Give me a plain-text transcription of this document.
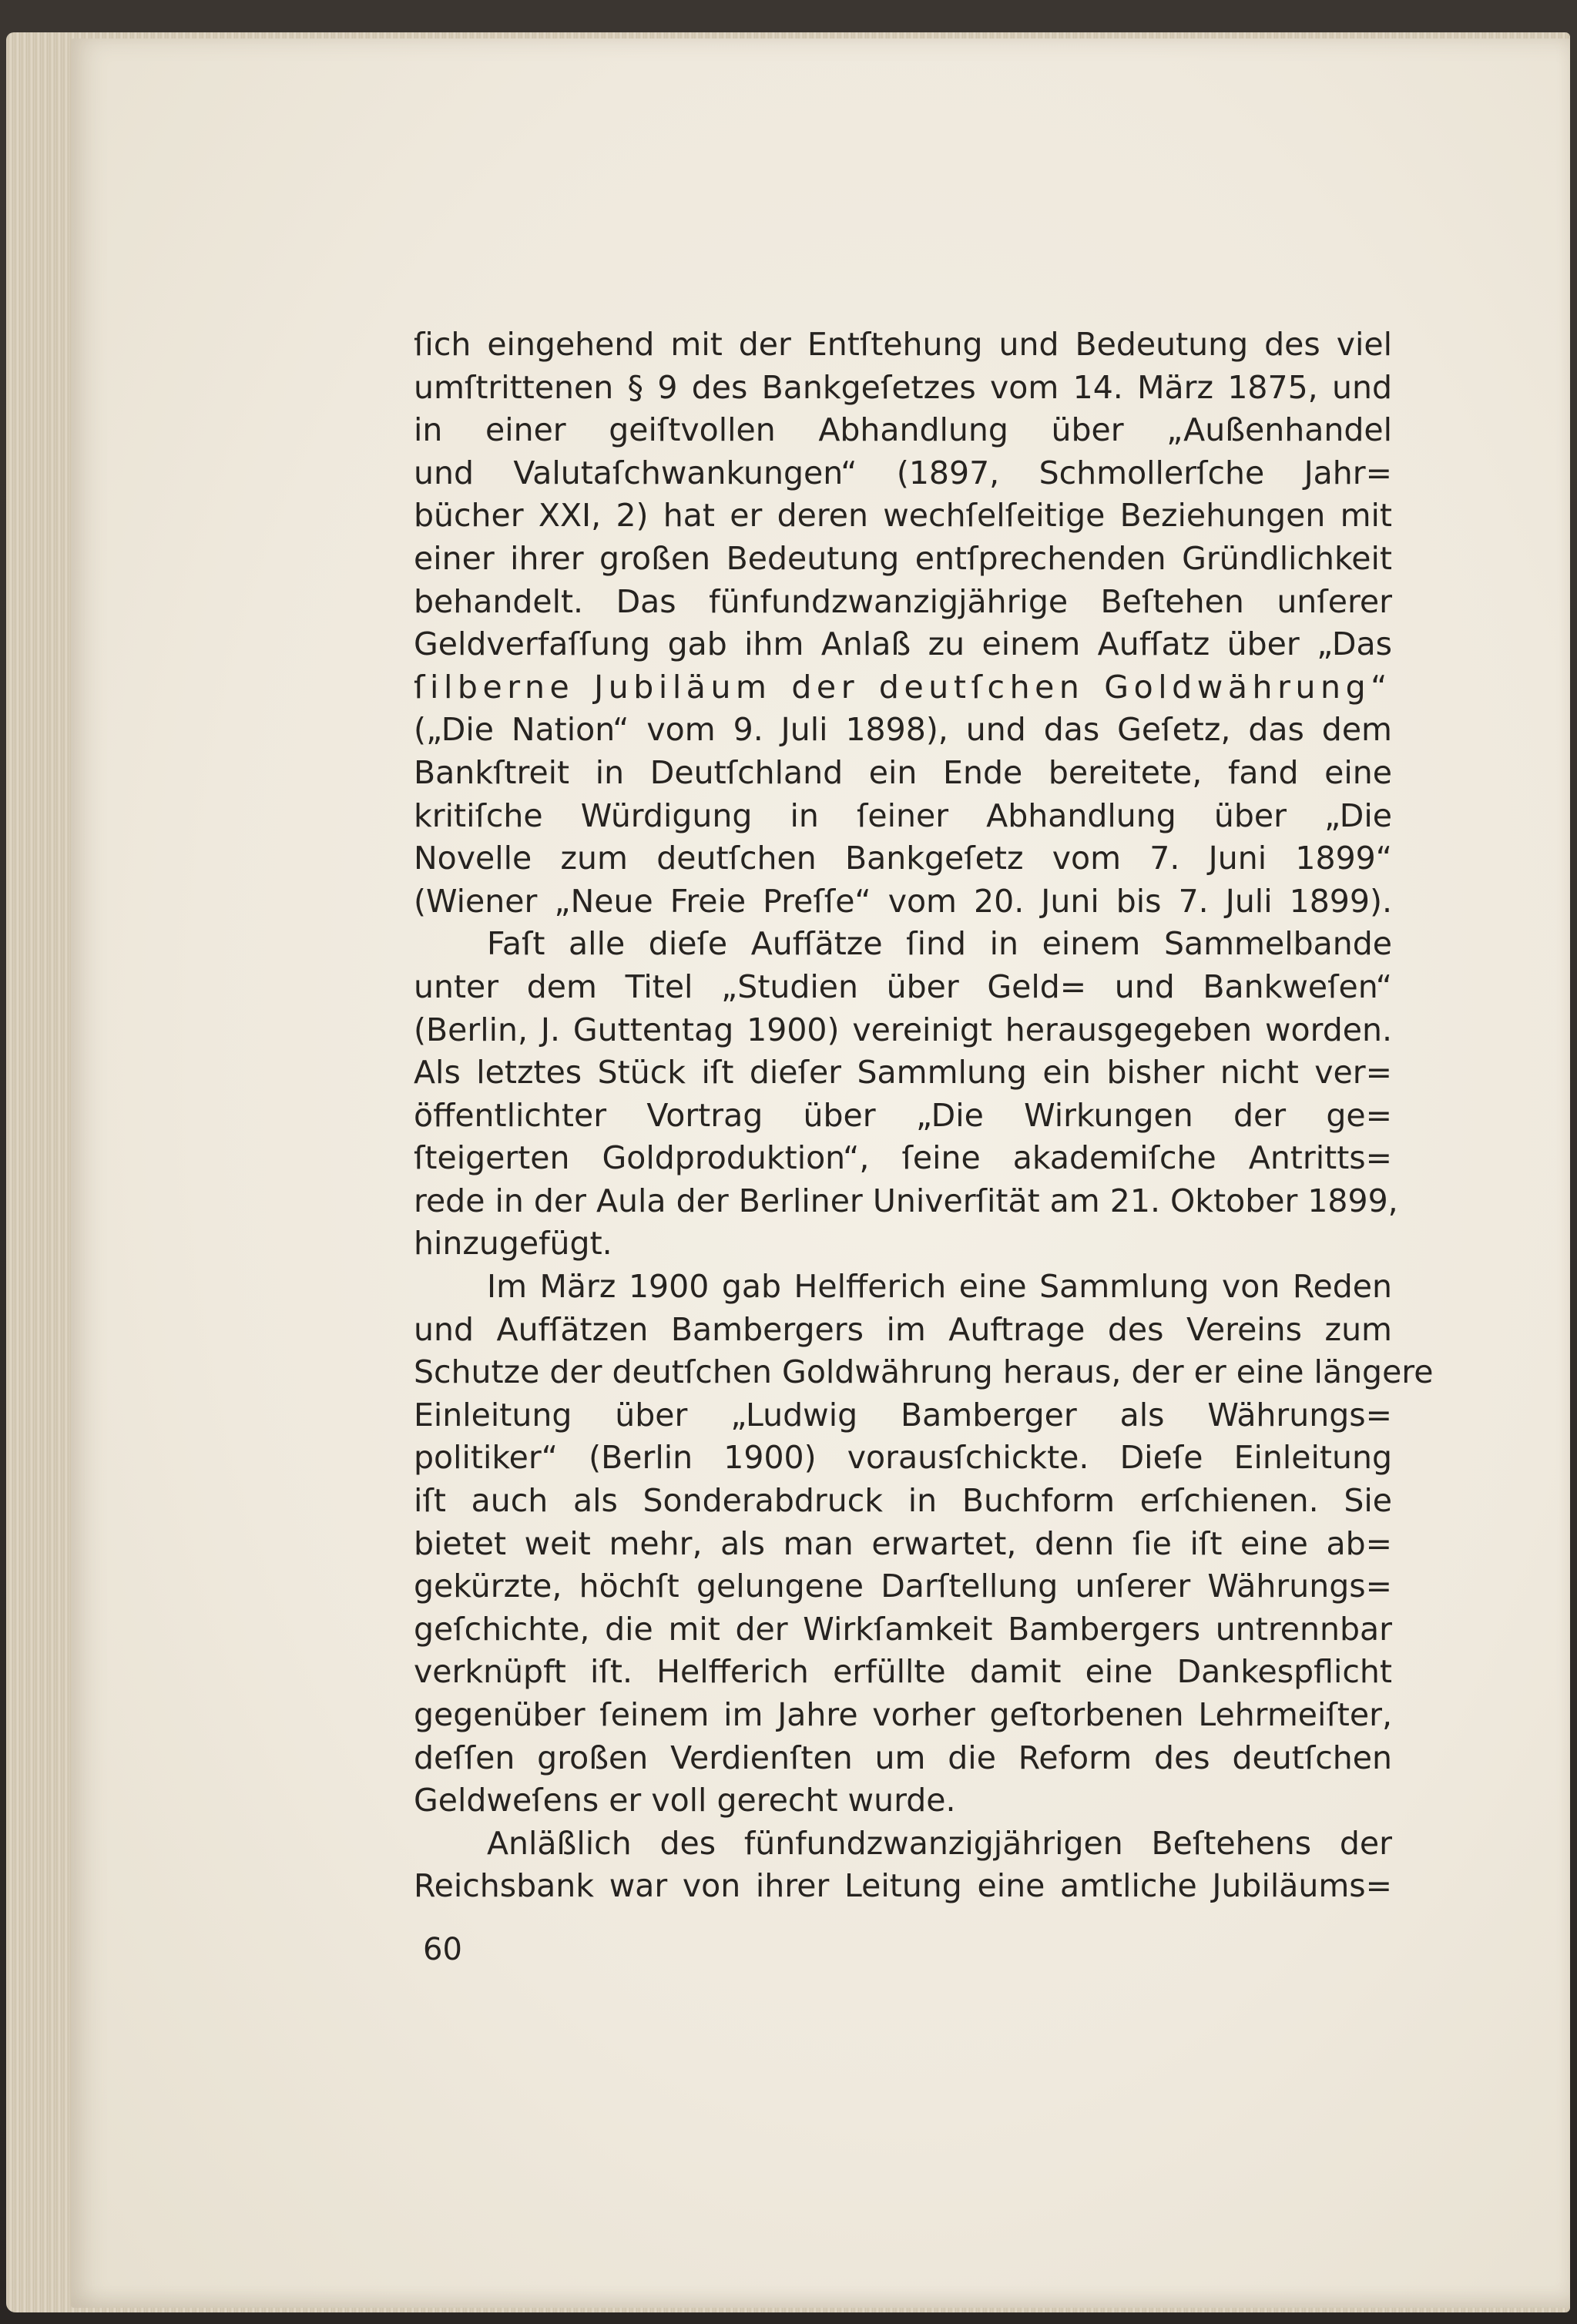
ſich eingehend mit der Entſtehung und Bedeutung des viel
umſtrittenen § 9 des Bankgeſetzes vom 14. März 1875, und
in einer geiſtvollen Abhandlung über „Außenhandel
und Valutaſchwankungen“ (1897, Schmollerſche Jahr=
bücher XXI, 2) hat er deren wechſelſeitige Beziehungen mit
einer ihrer großen Bedeutung entſprechenden Gründlichkeit
behandelt. Das fünfundzwanzigjährige Beſtehen unſerer
Geldverfaſſung gab ihm Anlaß zu einem Aufſatz über „Das
ſilberne Jubiläum der deutſchen Goldwährung“
(„Die Nation“ vom 9. Juli 1898), und das Geſetz, das dem
Bankſtreit in Deutſchland ein Ende bereitete, fand eine
kritiſche Würdigung in ſeiner Abhandlung über „Die
Novelle zum deutſchen Bankgeſetz vom 7. Juni 1899“
(Wiener „Neue Freie Preſſe“ vom 20. Juni bis 7. Juli 1899).
Faſt alle dieſe Aufſätze ſind in einem Sammelbande
unter dem Titel „Studien über Geld= und Bankweſen“
(Berlin, J. Guttentag 1900) vereinigt herausgegeben worden.
Als letztes Stück iſt dieſer Sammlung ein bisher nicht ver=
öffentlichter Vortrag über „Die Wirkungen der ge=
ſteigerten Goldproduktion“, ſeine akademiſche Antritts=
rede in der Aula der Berliner Univerſität am 21. Oktober 1899,
hinzugefügt.
Im März 1900 gab Helfferich eine Sammlung von Reden
und Aufſätzen Bambergers im Auftrage des Vereins zum
Schutze der deutſchen Goldwährung heraus, der er eine längere
Einleitung über „Ludwig Bamberger als Währungs=
politiker“ (Berlin 1900) vorausſchickte. Dieſe Einleitung
iſt auch als Sonderabdruck in Buchform erſchienen. Sie
bietet weit mehr, als man erwartet, denn ſie iſt eine ab=
gekürzte, höchſt gelungene Darſtellung unſerer Währungs=
geſchichte, die mit der Wirkſamkeit Bambergers untrennbar
verknüpft iſt. Helfferich erfüllte damit eine Dankespflicht
gegenüber ſeinem im Jahre vorher geſtorbenen Lehrmeiſter,
deſſen großen Verdienſten um die Reform des deutſchen
Geldweſens er voll gerecht wurde.
Anläßlich des fünfundzwanzigjährigen Beſtehens der
Reichsbank war von ihrer Leitung eine amtliche Jubiläums=
60
